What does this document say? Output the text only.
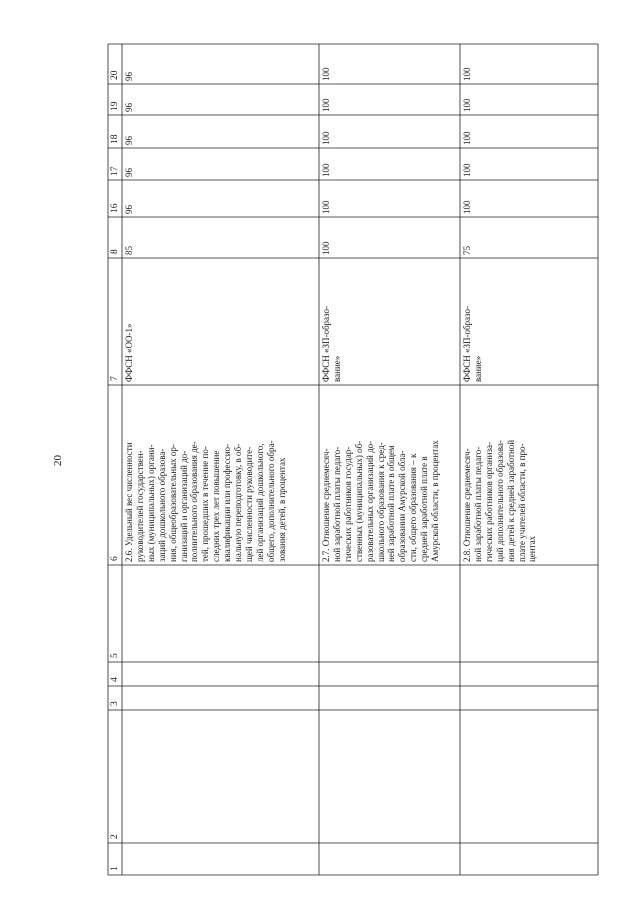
20
1
2
3
4
5
6
7
8
16
17
18
19
20
2.6. Удельный вес численности руководителей государствен- ных (муниципальных) органи- заций дошкольного образова- ния, общеобразовательных ор- ганизаций и организаций до- полнительного образования де- тей, прошедших в течение по- следних трех лет повышение квалификации или профессио- нальную переподготовку, в об- щей численности руководите- лей организаций дошкольного, общего, дополнительного обра- зования детей, в процентах
ФФСН «ОО-1»
85
96
96
96
96
96
2.7. Отношение среднемесяч- ной заработной платы педаго- гических работников государ- ственных (муниципальных) об- разовательных организаций до- школьного образования к сред- ней заработной плате в общем образовании Амурской обла- сти, общего образования – к средней заработной плате в Амурской области, в процентах
ФФСН «ЗП-образо- вание»
100
100
100
100
100
100
2.8. Отношение среднемесяч- ной заработной платы педаго- гических работников организа- ций дополнительного образова- ния детей к средней заработной плате учителей области, в про- центах
ФФСН «ЗП-образо- вание»
75
100
100
100
100
100
